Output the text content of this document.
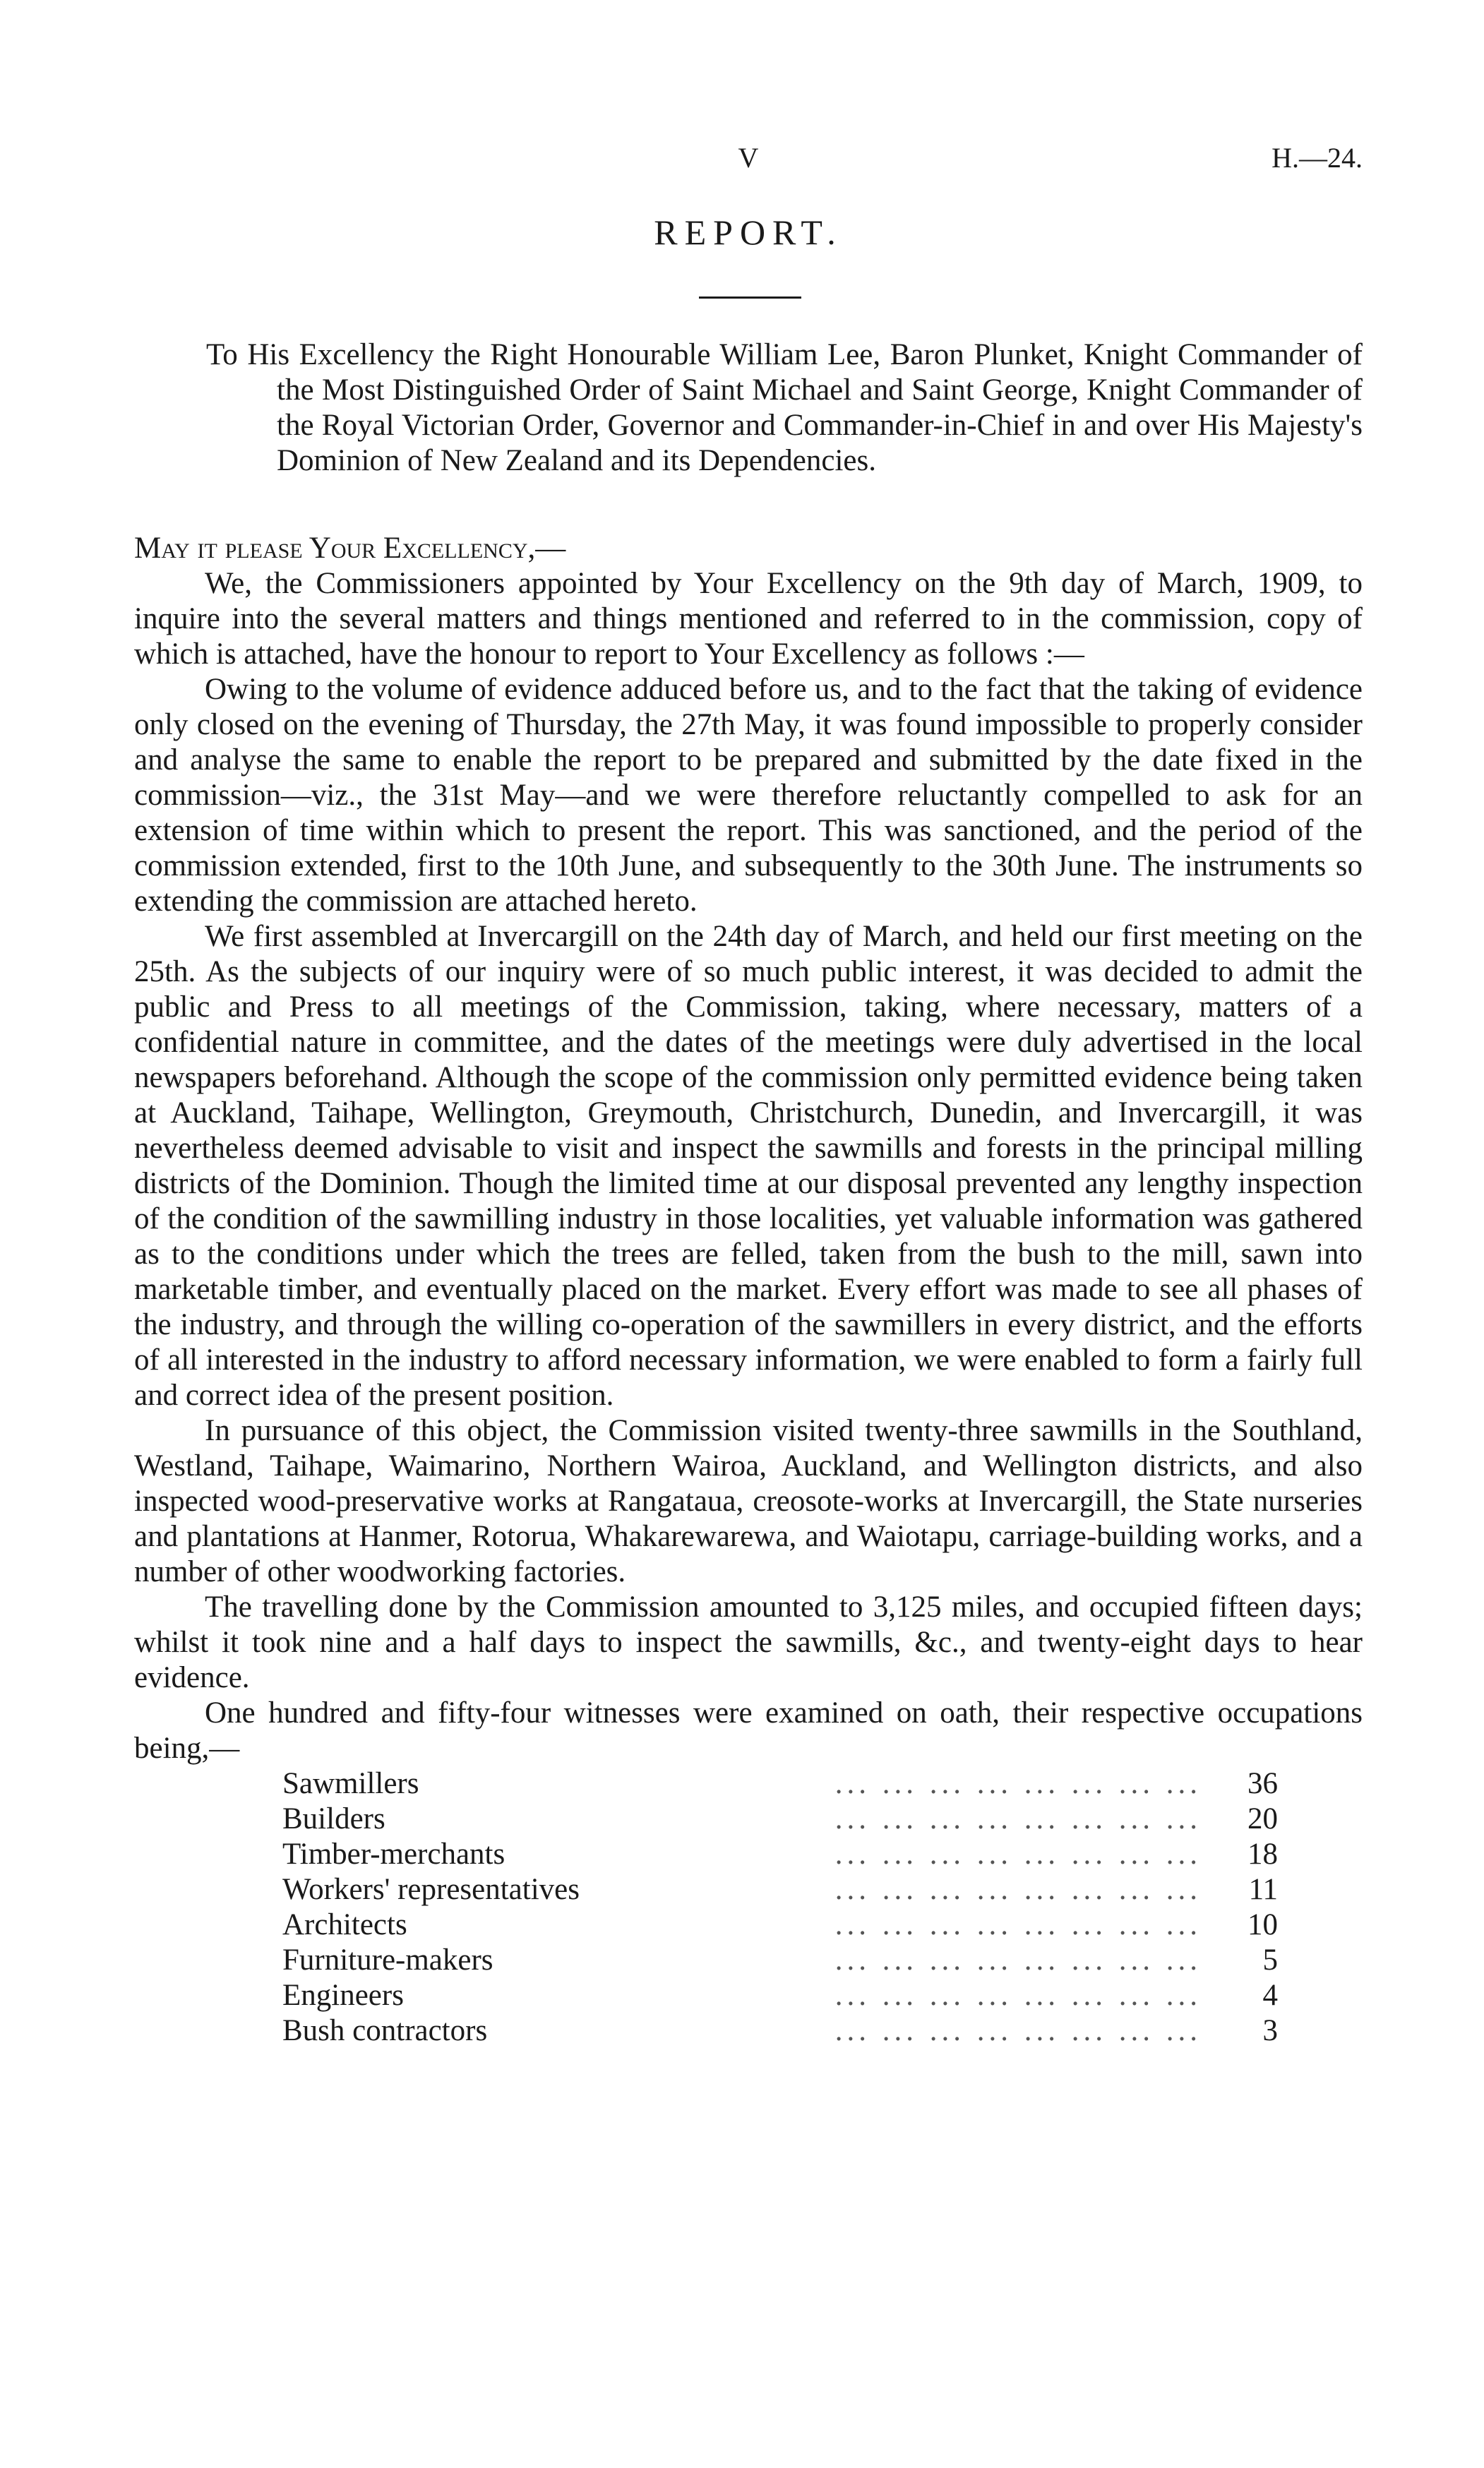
V	H.—24.
REPORT.
To His Excellency the Right Honourable William Lee, Baron Plunket, Knight Commander of the Most Distinguished Order of Saint Michael and Saint George, Knight Commander of the Royal Victorian Order, Governor and Commander-in-Chief in and over His Majesty's Dominion of New Zealand and its Dependencies.

May it please Your Excellency,—

We, the Commissioners appointed by Your Excellency on the 9th day of March, 1909, to inquire into the several matters and things mentioned and referred to in the commission, copy of which is attached, have the honour to report to Your Excellency as follows :—

Owing to the volume of evidence adduced before us, and to the fact that the taking of evidence only closed on the evening of Thursday, the 27th May, it was found impossible to properly consider and analyse the same to enable the report to be prepared and submitted by the date fixed in the commission—viz., the 31st May—and we were therefore reluctantly compelled to ask for an extension of time within which to present the report. This was sanctioned, and the period of the commission extended, first to the 10th June, and subsequently to the 30th June. The instruments so extending the commission are attached hereto.

We first assembled at Invercargill on the 24th day of March, and held our first meeting on the 25th. As the subjects of our inquiry were of so much public interest, it was decided to admit the public and Press to all meetings of the Commission, taking, where necessary, matters of a confidential nature in committee, and the dates of the meetings were duly advertised in the local newspapers beforehand. Although the scope of the commission only permitted evidence being taken at Auckland, Taihape, Wellington, Greymouth, Christchurch, Dunedin, and Invercargill, it was nevertheless deemed advisable to visit and inspect the sawmills and forests in the principal milling districts of the Dominion. Though the limited time at our disposal prevented any lengthy inspection of the condition of the sawmilling industry in those localities, yet valuable information was gathered as to the conditions under which the trees are felled, taken from the bush to the mill, sawn into marketable timber, and eventually placed on the market. Every effort was made to see all phases of the industry, and through the willing co-operation of the sawmillers in every district, and the efforts of all interested in the industry to afford necessary information, we were enabled to form a fairly full and correct idea of the present position.

In pursuance of this object, the Commission visited twenty-three sawmills in the Southland, Westland, Taihape, Waimarino, Northern Wairoa, Auckland, and Wellington districts, and also inspected wood-preservative works at Rangataua, creosote-works at Invercargill, the State nurseries and plantations at Hanmer, Rotorua, Whakarewarewa, and Waiotapu, carriage-building works, and a number of other woodworking factories.

The travelling done by the Commission amounted to 3,125 miles, and occupied fifteen days; whilst it took nine and a half days to inspect the sawmills, &c., and twenty-eight days to hear evidence.

One hundred and fifty-four witnesses were examined on oath, their respective occupations being,—

Sawmillers	... ... ... ... ... ... ... ...	36
Builders	... ... ... ... ... ... ... ...	20
Timber-merchants	... ... ... ... ... ... ... ...	18
Workers' representatives	... ... ... ... ... ... ... ...	11
Architects	... ... ... ... ... ... ... ...	10
Furniture-makers	... ... ... ... ... ... ... ...	5
Engineers	... ... ... ... ... ... ... ...	4
Bush contractors	... ... ... ... ... ... ... ...	3
